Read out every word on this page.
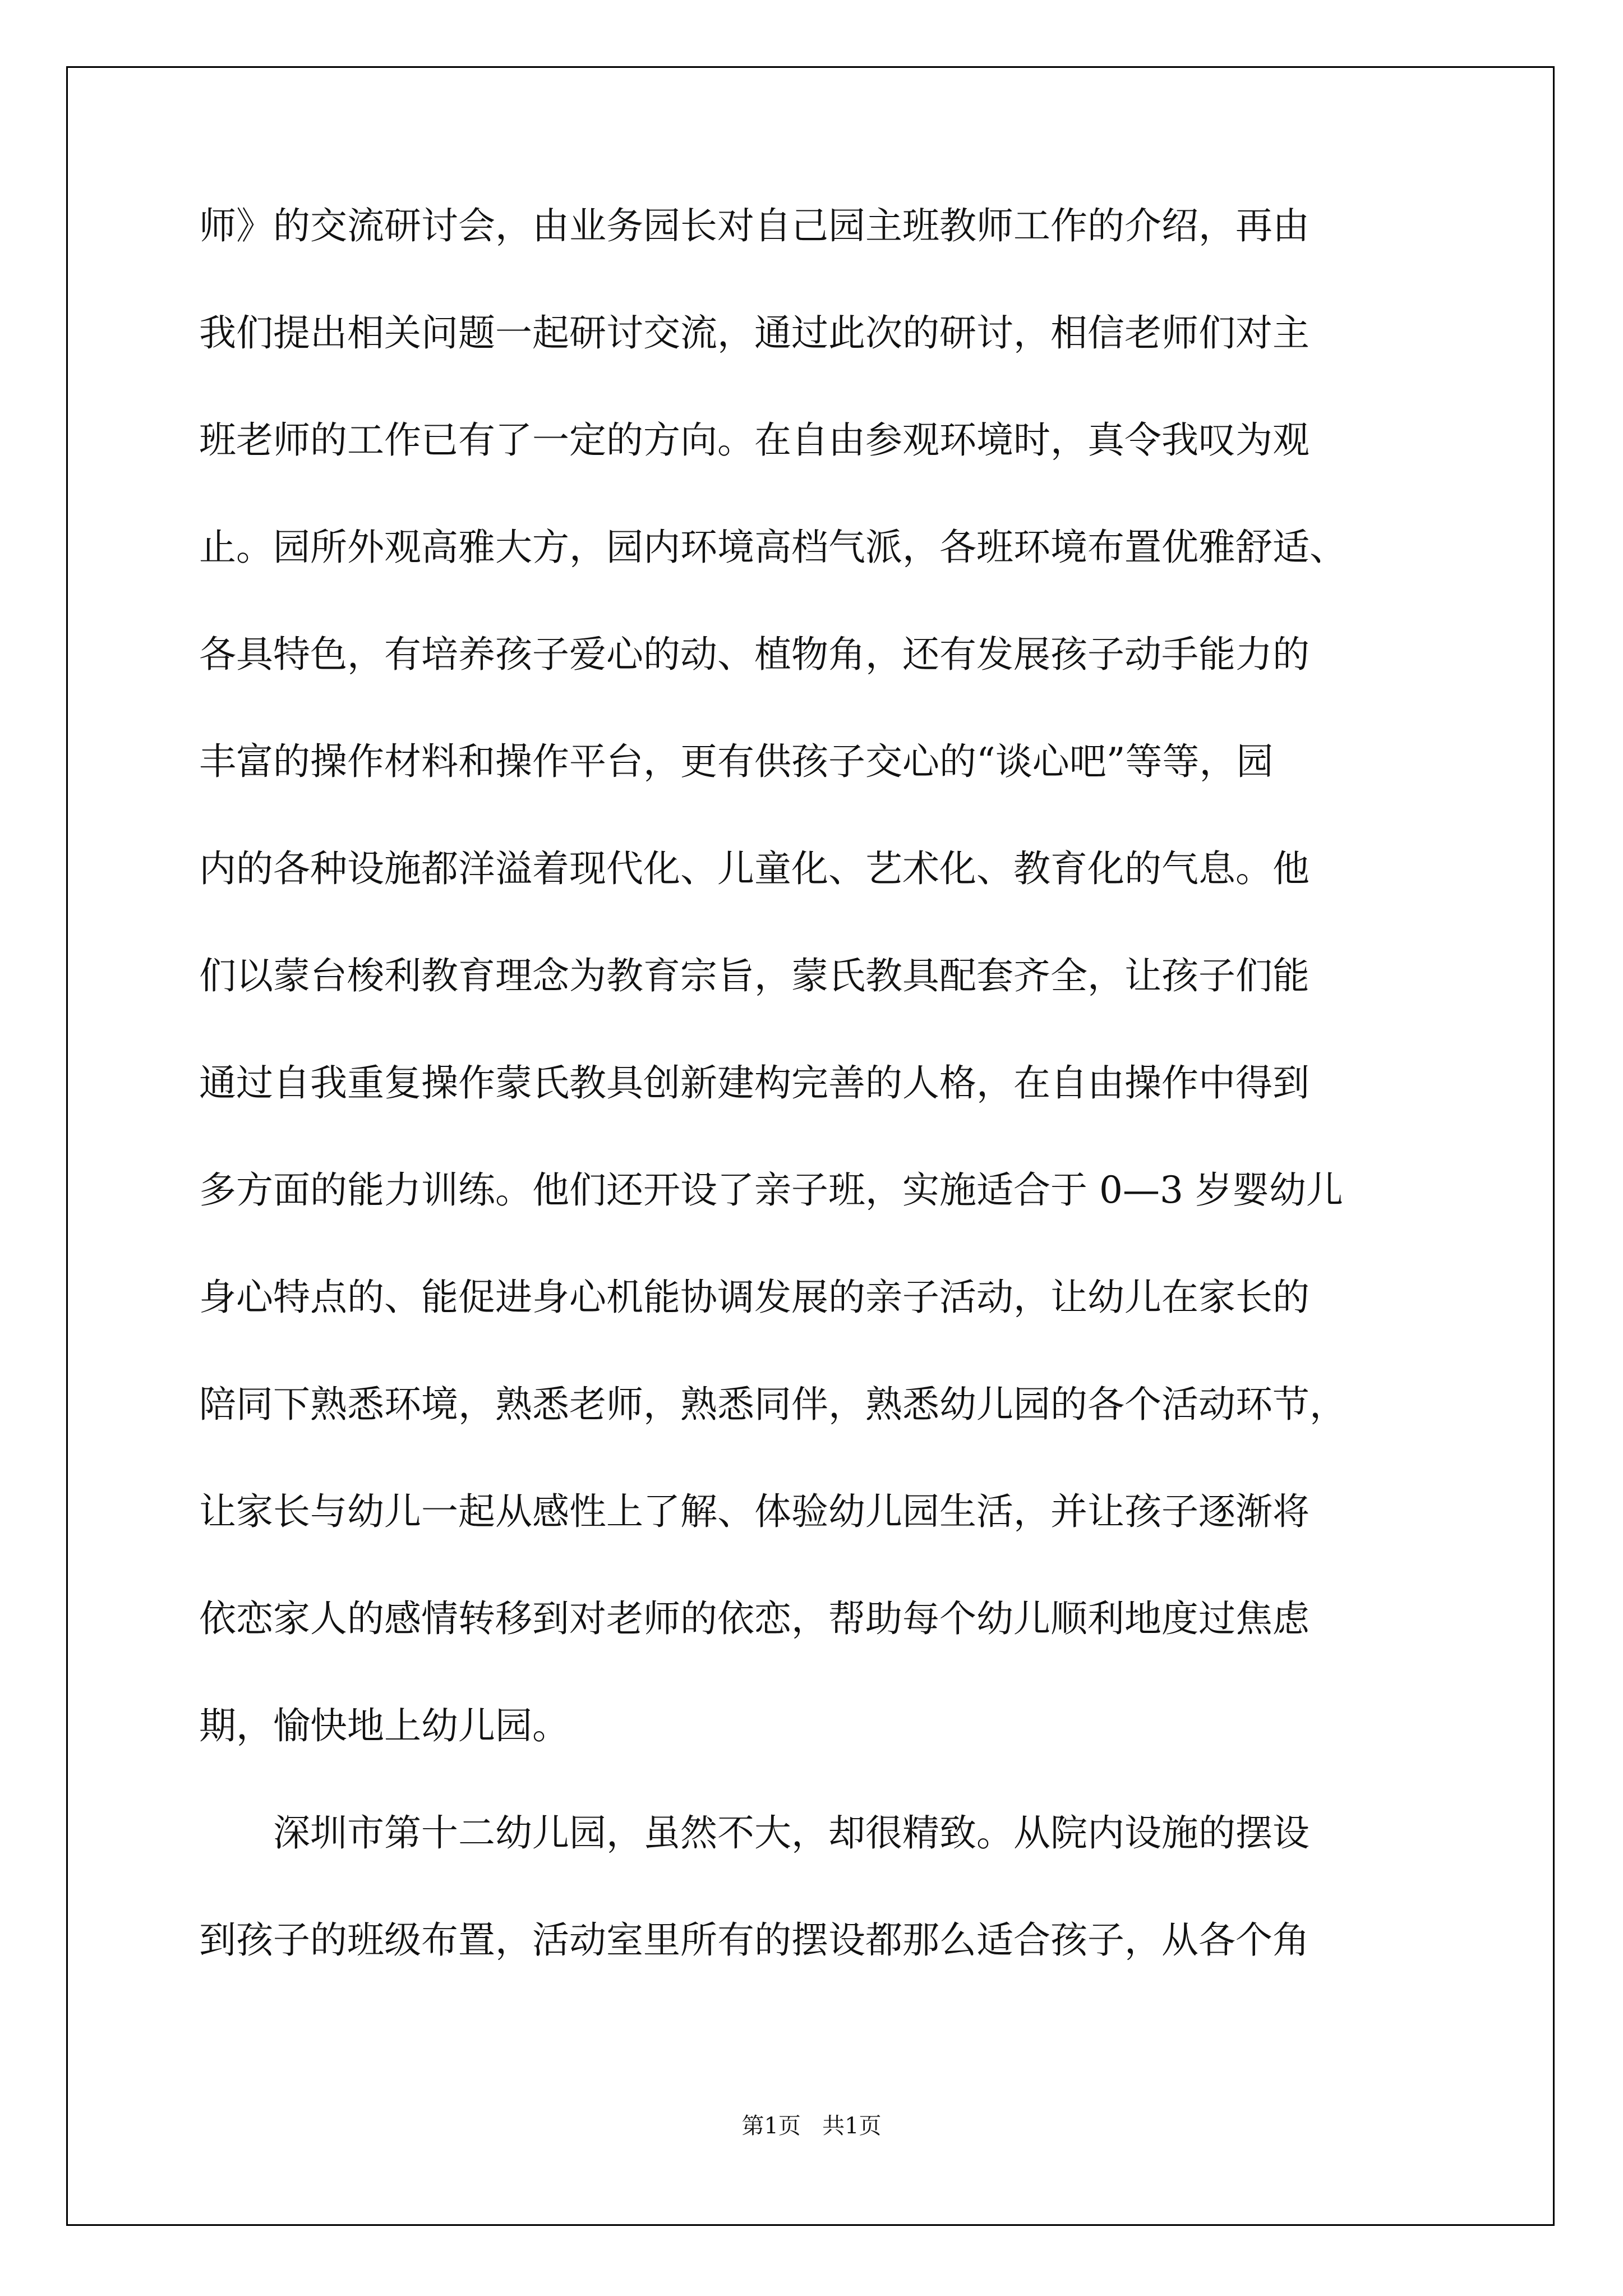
师》的交流研讨会，由业务园长对自己园主班教师工作的介绍，再由
我们提出相关问题一起研讨交流，通过此次的研讨，相信老师们对主
班老师的工作已有了一定的方向。在自由参观环境时，真令我叹为观
止。园所外观高雅大方，园内环境高档气派，各班环境布置优雅舒适、
各具特色，有培养孩子爱心的动、植物角，还有发展孩子动手能力的
丰富的操作材料和操作平台，更有供孩子交心的“谈心吧”等等，园
内的各种设施都洋溢着现代化、儿童化、艺术化、教育化的气息。他
们以蒙台梭利教育理念为教育宗旨，蒙氏教具配套齐全，让孩子们能
通过自我重复操作蒙氏教具创新建构完善的人格，在自由操作中得到
多方面的能力训练。他们还开设了亲子班，实施适合于 0—3 岁婴幼儿
身心特点的、能促进身心机能协调发展的亲子活动，让幼儿在家长的
陪同下熟悉环境，熟悉老师，熟悉同伴，熟悉幼儿园的各个活动环节，
让家长与幼儿一起从感性上了解、体验幼儿园生活，并让孩子逐渐将
依恋家人的感情转移到对老师的依恋，帮助每个幼儿顺利地度过焦虑
期，愉快地上幼儿园。
　　深圳市第十二幼儿园，虽然不大，却很精致。从院内设施的摆设
到孩子的班级布置，活动室里所有的摆设都那么适合孩子，从各个角
第1页 共1页
